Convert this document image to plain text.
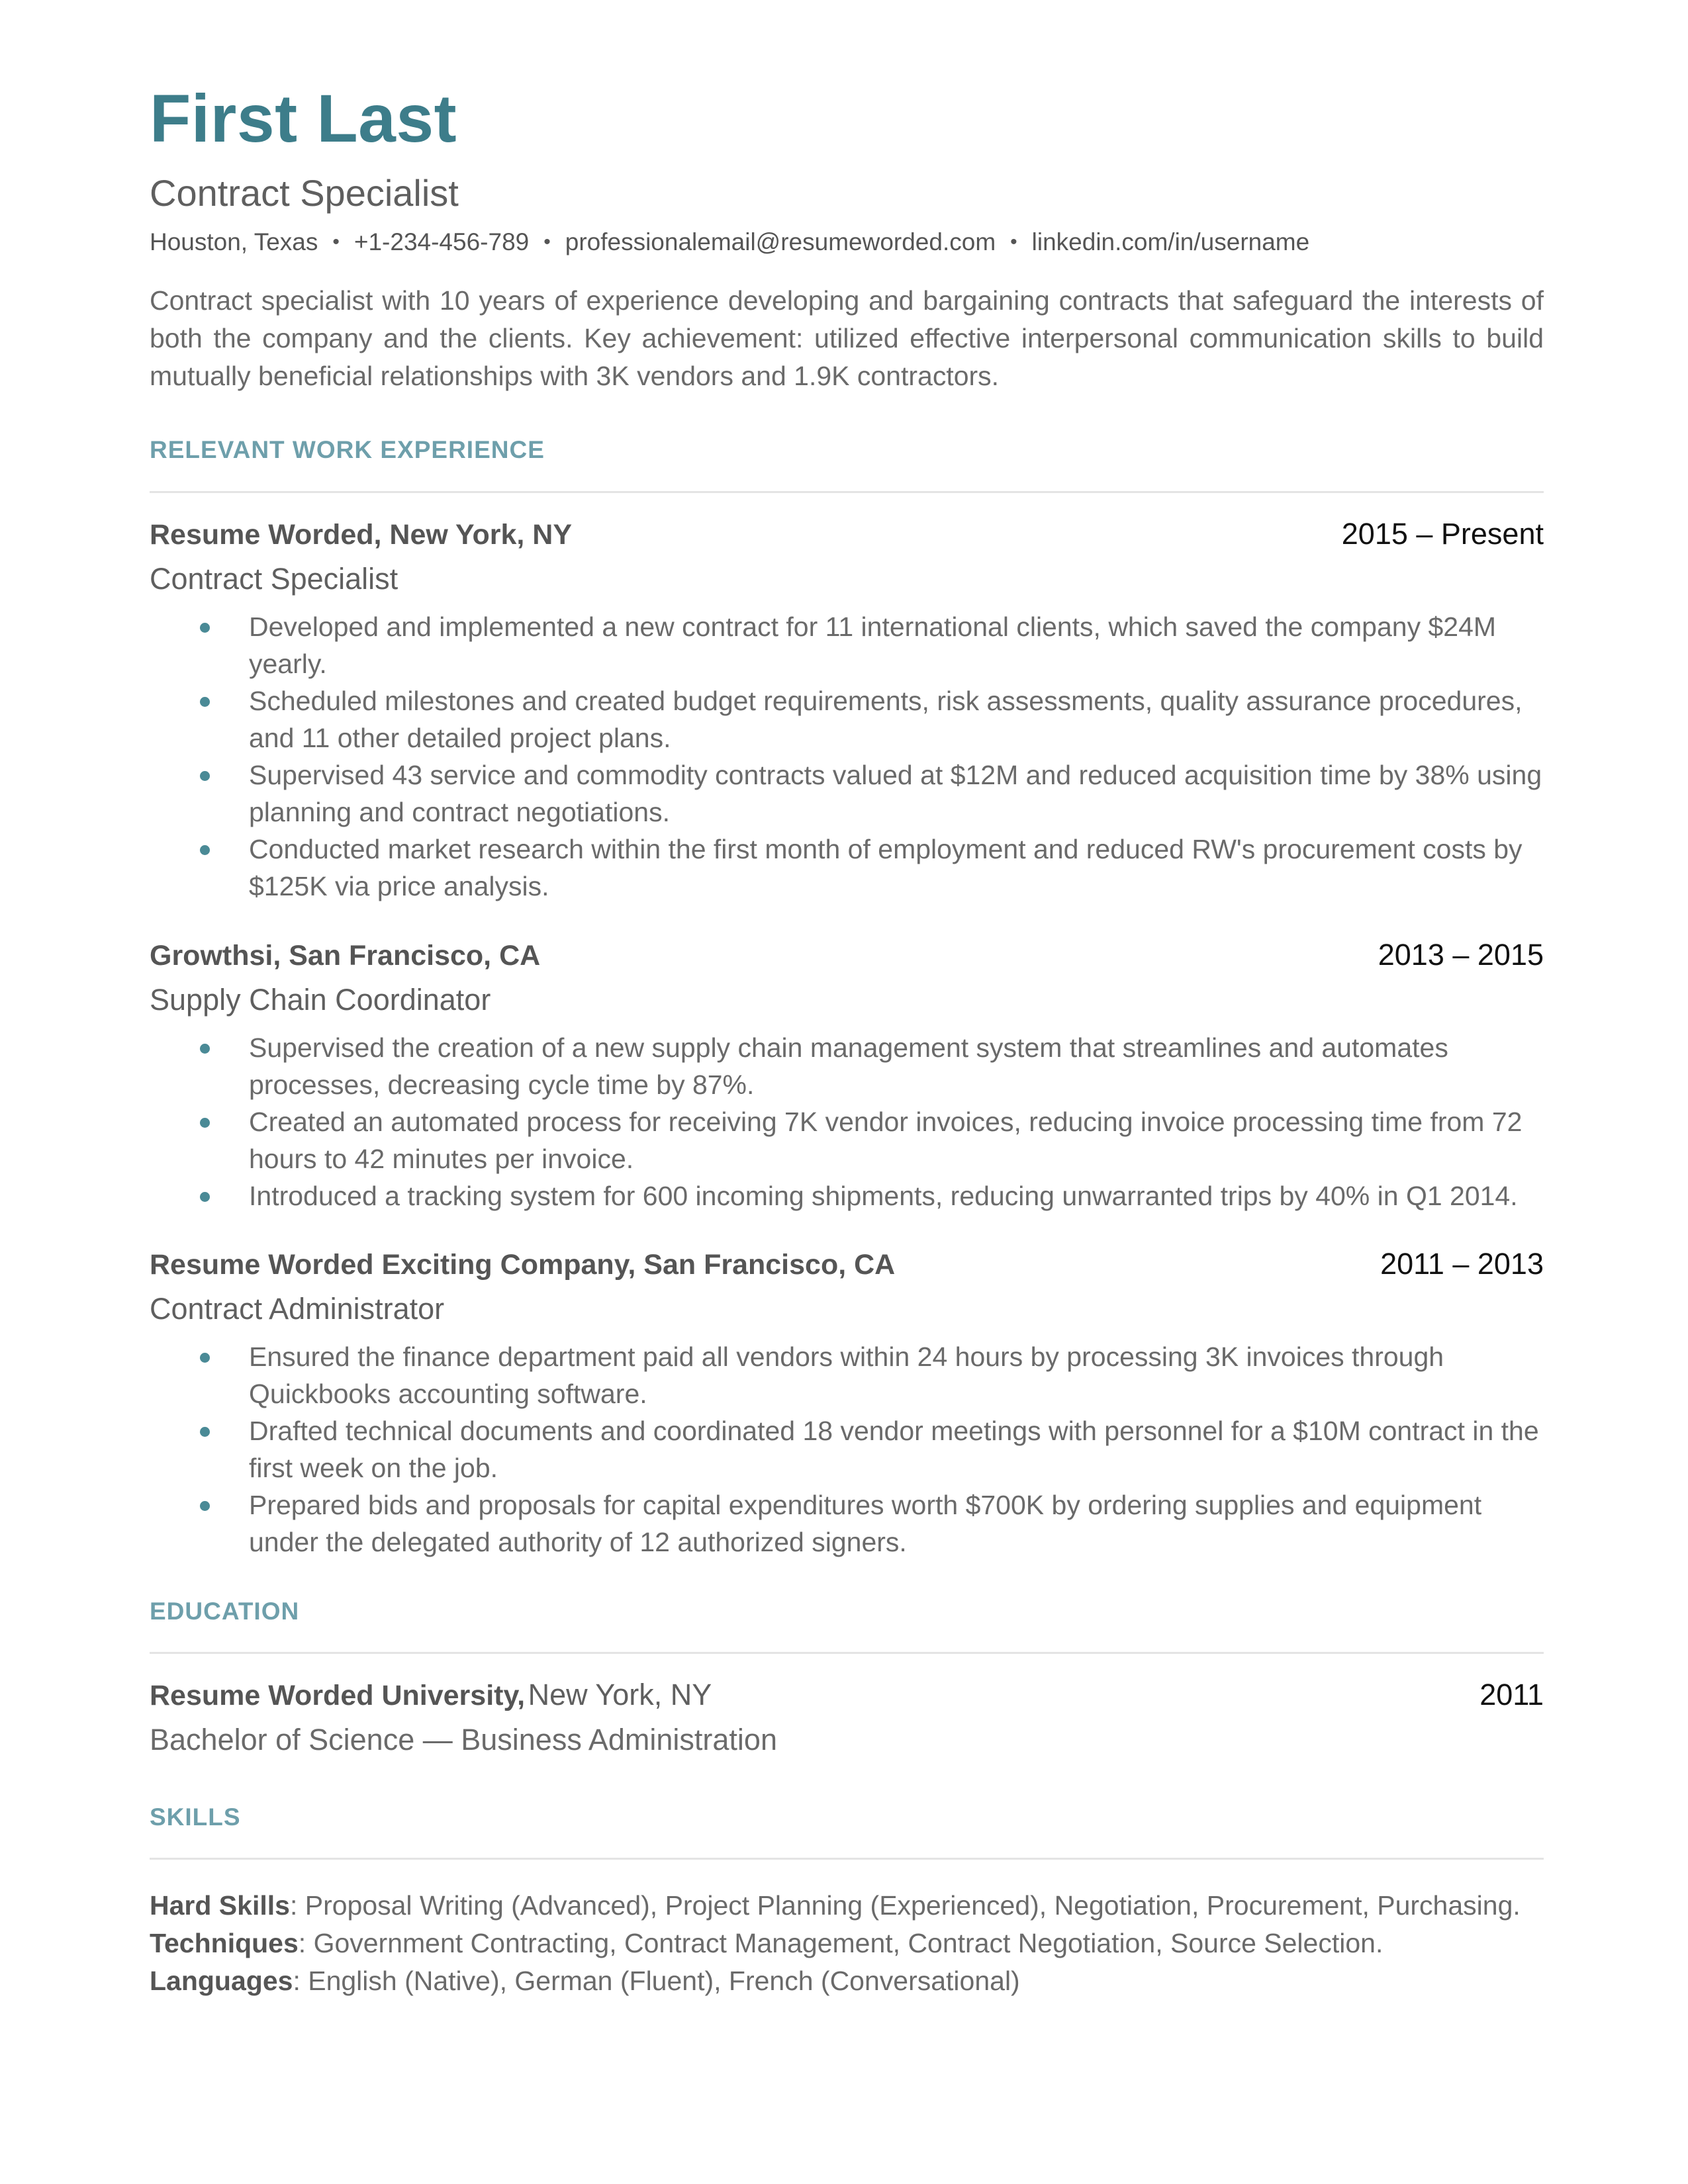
First Last
Contract Specialist
Houston, Texas • +1-234-456-789 • professionalemail@resumeworded.com • linkedin.com/in/username

Contract specialist with 10 years of experience developing and bargaining contracts that safeguard the interests of both the company and the clients. Key achievement: utilized effective interpersonal communication skills to build mutually beneficial relationships with 3K vendors and 1.9K contractors.

RELEVANT WORK EXPERIENCE
Resume Worded, New York, NY	2015 – Present
Contract Specialist
Developed and implemented a new contract for 11 international clients, which saved the company $24M yearly.
Scheduled milestones and created budget requirements, risk assessments, quality assurance procedures, and 11 other detailed project plans.
Supervised 43 service and commodity contracts valued at $12M and reduced acquisition time by 38% using planning and contract negotiations.
Conducted market research within the first month of employment and reduced RW's procurement costs by $125K via price analysis.
Growthsi, San Francisco, CA	2013 – 2015
Supply Chain Coordinator
Supervised the creation of a new supply chain management system that streamlines and automates processes, decreasing cycle time by 87%.
Created an automated process for receiving 7K vendor invoices, reducing invoice processing time from 72 hours to 42 minutes per invoice.
Introduced a tracking system for 600 incoming shipments, reducing unwarranted trips by 40% in Q1 2014.
Resume Worded Exciting Company, San Francisco, CA	2011 – 2013
Contract Administrator
Ensured the finance department paid all vendors within 24 hours by processing 3K invoices through Quickbooks accounting software.
Drafted technical documents and coordinated 18 vendor meetings with personnel for a $10M contract in the first week on the job.
Prepared bids and proposals for capital expenditures worth $700K by ordering supplies and equipment under the delegated authority of 12 authorized signers.
EDUCATION
Resume Worded University, New York, NY	2011
Bachelor of Science — Business Administration
SKILLS
Hard Skills: Proposal Writing (Advanced), Project Planning (Experienced), Negotiation, Procurement, Purchasing.
Techniques: Government Contracting, Contract Management, Contract Negotiation, Source Selection.
Languages: English (Native), German (Fluent), French (Conversational)
